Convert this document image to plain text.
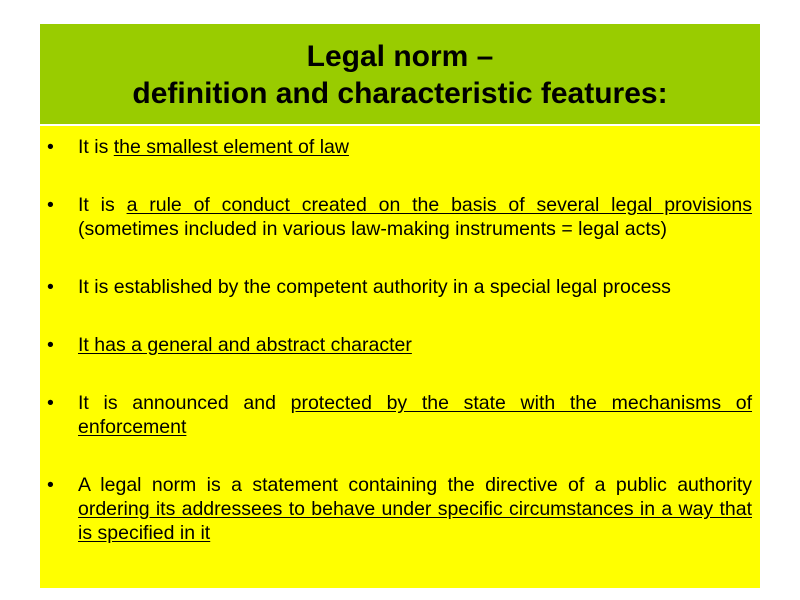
Legal norm –
definition and characteristic features:
• It is the smallest element of law
• It is a rule of conduct created on the basis of several legal provisions (sometimes included in various law-making instruments = legal acts)
• It is established by the competent authority in a special legal process
• It has a general and abstract character
• It is announced and protected by the state with the mechanisms of enforcement
• A legal norm is a statement containing the directive of a public authority ordering its addressees to behave under specific circumstances in a way that is specified in it
